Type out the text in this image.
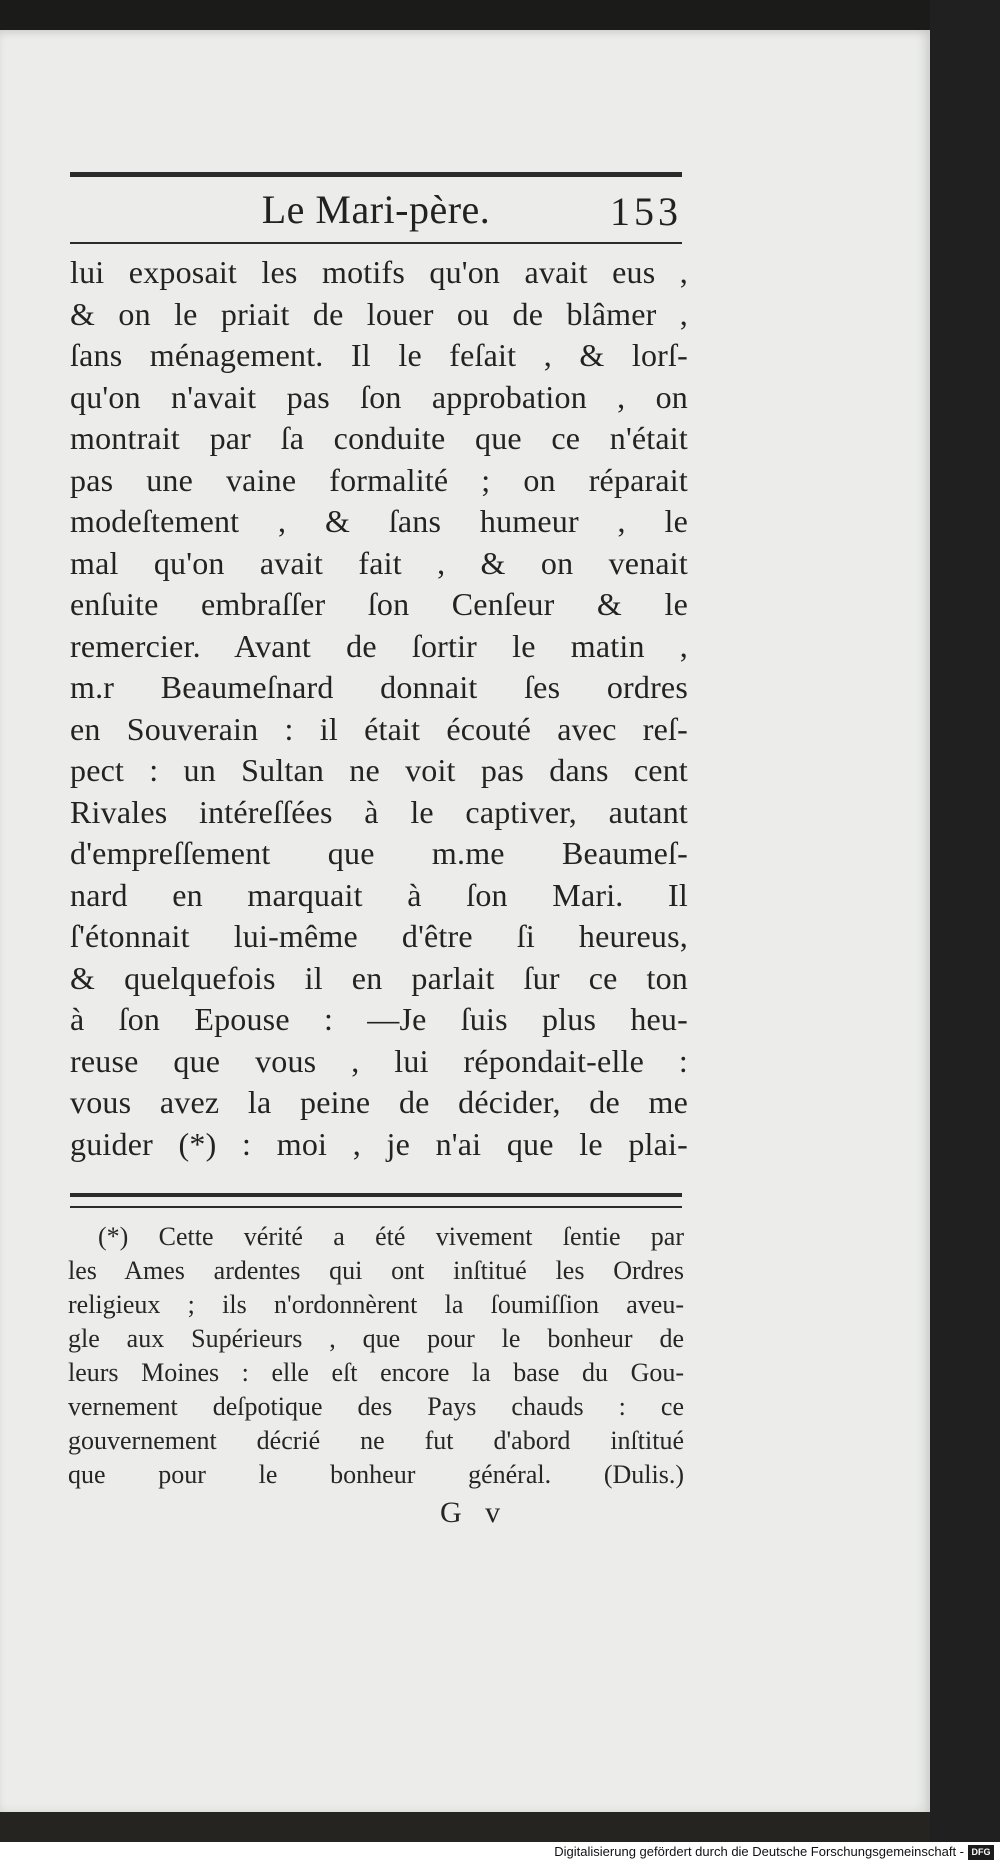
Le Mari-père.	153
lui exposait les motifs qu'on avait eus ,
& on le priait de louer ou de blâmer ,
ſans ménagement. Il le feſait , & lorſ-
qu'on n'avait pas ſon approbation , on
montrait par ſa conduite que ce n'était
pas une vaine formalité ; on réparait
modeſtement , & ſans humeur , le
mal qu'on avait fait , & on venait
enſuite embraſſer ſon Cenſeur & le
remercier. Avant de ſortir le matin ,
m.r Beaumeſnard donnait ſes ordres
en Souverain : il était écouté avec reſ-
pect : un Sultan ne voit pas dans cent
Rivales intéreſſées à le captiver, autant
d'empreſſement que m.me Beaumeſ-
nard en marquait à ſon Mari. Il
ſ'étonnait lui-même d'être ſi heureus,
& quelquefois il en parlait ſur ce ton
à ſon Epouse : —Je ſuis plus heu-
reuse que vous , lui répondait-elle :
vous avez la peine de décider, de me
guider (*) : moi , je n'ai que le plai-
(*) Cette vérité a été vivement ſentie par
les Ames ardentes qui ont inſtitué les Ordres
religieux ; ils n'ordonnèrent la ſoumiſſion aveu-
gle aux Supérieurs , que pour le bonheur de
leurs Moines : elle eſt encore la base du Gou-
vernement deſpotique des Pays chauds : ce
gouvernement décrié ne fut d'abord inſtitué
que pour le bonheur général. (Dulis.)
G v
Digitalisierung gefördert durch die Deutsche Forschungsgemeinschaft - DFG
